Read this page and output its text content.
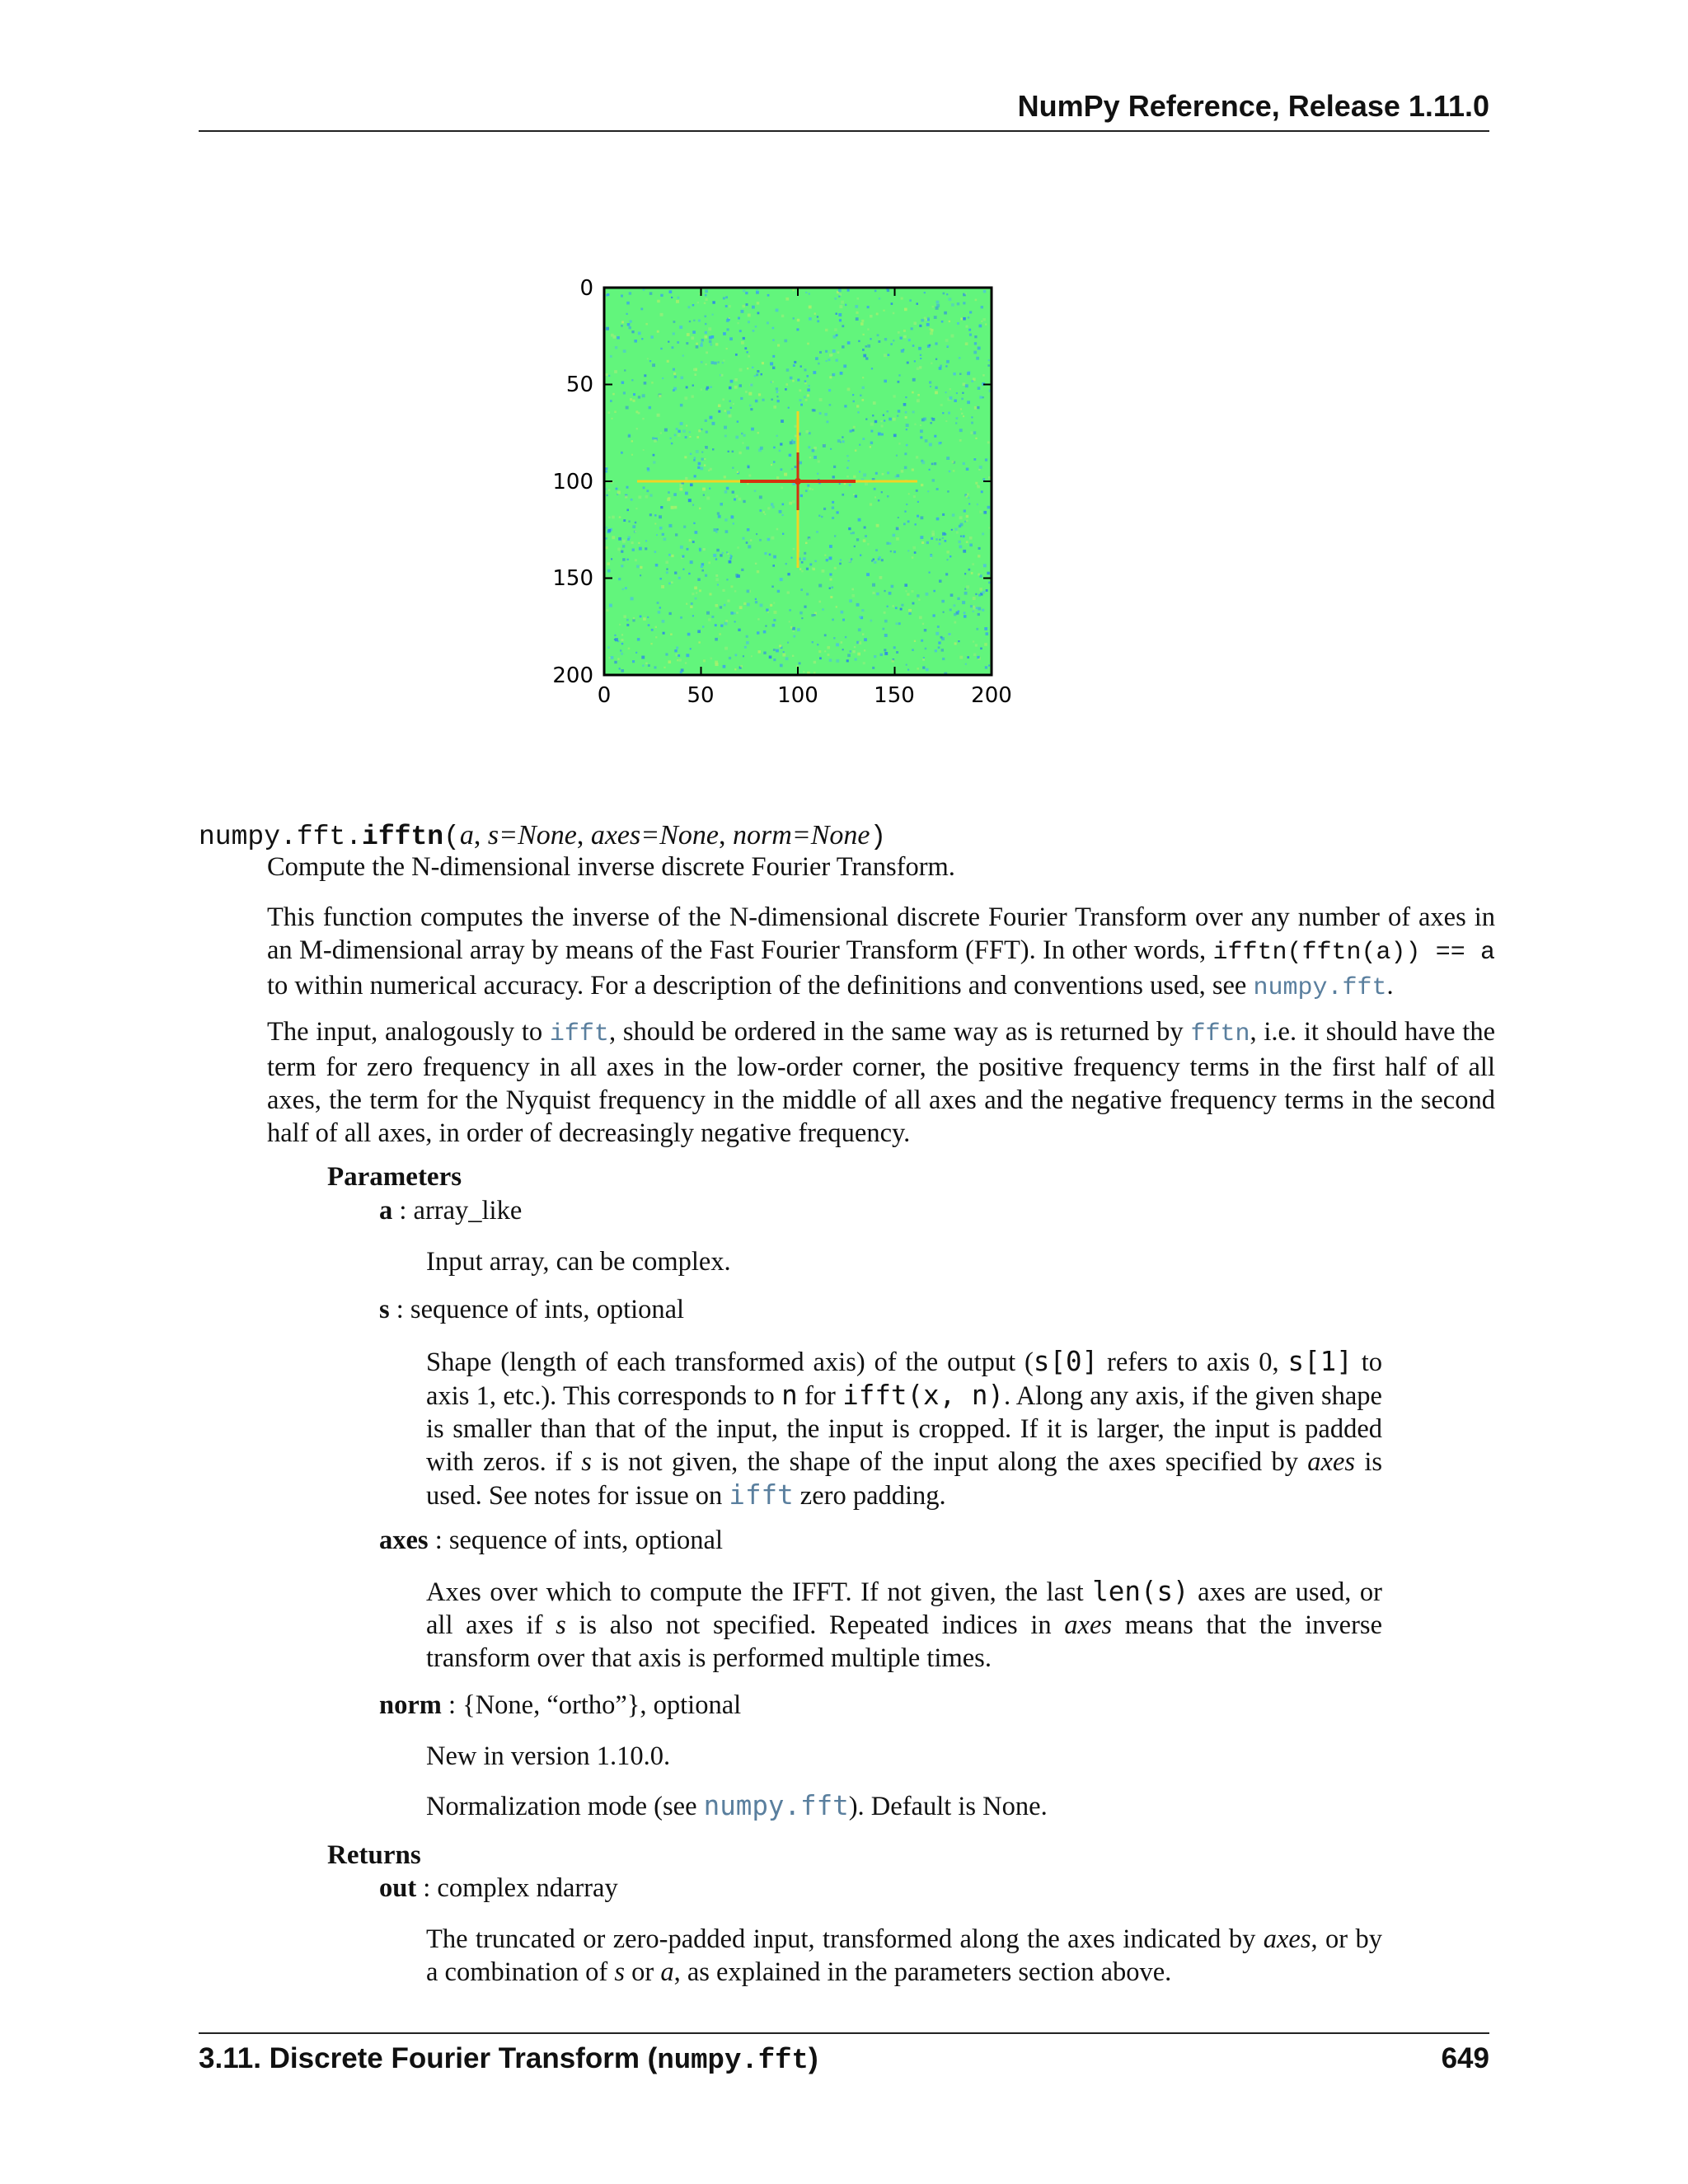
NumPy Reference, Release 1.11.0
0
50
100
150
200
0	50	100	150	200
numpy.fft.ifftn(a, s=None, axes=None, norm=None)

Compute the N-dimensional inverse discrete Fourier Transform.

This function computes the inverse of the N-dimensional discrete Fourier Transform over any number of axes in an M-dimensional array by means of the Fast Fourier Transform (FFT). In other words, ifftn(fftn(a)) == a to within numerical accuracy. For a description of the definitions and conventions used, see numpy.fft.

The input, analogously to ifft, should be ordered in the same way as is returned by fftn, i.e. it should have the term for zero frequency in all axes in the low-order corner, the positive frequency terms in the first half of all axes, the term for the Nyquist frequency in the middle of all axes and the negative frequency terms in the second half of all axes, in order of decreasingly negative frequency.

Parameters
a : array_like

Input array, can be complex.

s : sequence of ints, optional

Shape (length of each transformed axis) of the output (s[0] refers to axis 0, s[1] to axis 1, etc.). This corresponds to n for ifft(x, n). Along any axis, if the given shape is smaller than that of the input, the input is cropped. If it is larger, the input is padded with zeros. if s is not given, the shape of the input along the axes specified by axes is used. See notes for issue on ifft zero padding.

axes : sequence of ints, optional

Axes over which to compute the IFFT. If not given, the last len(s) axes are used, or all axes if s is also not specified. Repeated indices in axes means that the inverse transform over that axis is performed multiple times.

norm : {None, “ortho”}, optional

New in version 1.10.0.

Normalization mode (see numpy.fft). Default is None.

Returns
out : complex ndarray

The truncated or zero-padded input, transformed along the axes indicated by axes, or by a combination of s or a, as explained in the parameters section above.

3.11. Discrete Fourier Transform (numpy.fft)	649
